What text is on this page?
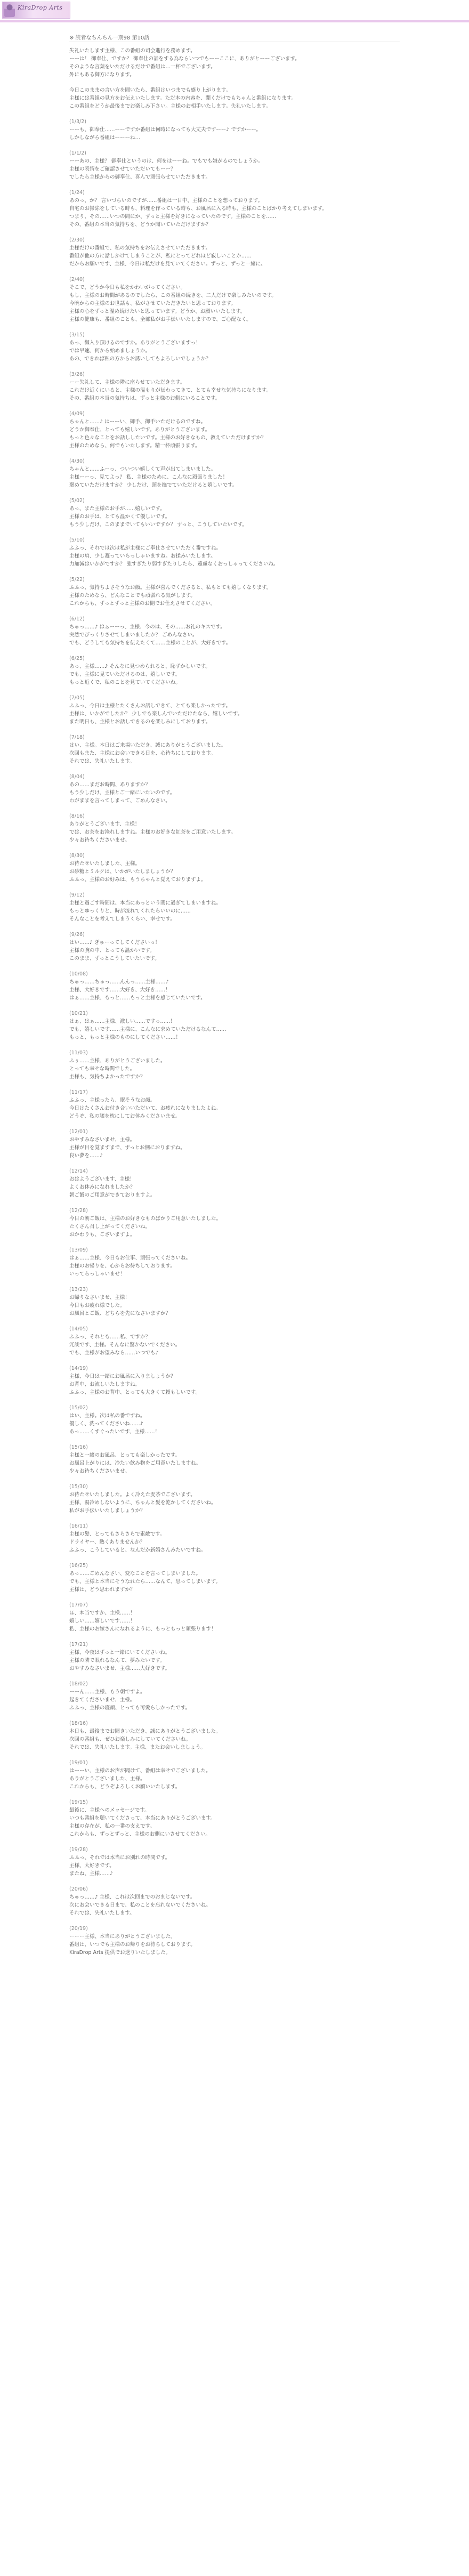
KiraDrop Arts
※ 読者なちんちん一期98 第10話
失礼いたします主様、この番組の司会進行を務めます。
ーーは！ 御奉仕、ですか？ 御奉仕の話をする為ならいつでもーーここに、ありがとーーございます。
そのような言葉をいただけるだけで番組は…一杯でございます。
外にもある御方になります。
今日このままの言い方を聞いたら、番組はいつまでも盛り上がります。
主様には番組の見方をお伝えいたします。ただ本の内容を、聞くだけでもちゃんと番組になります。
この番組をどうか最後までお楽しみ下さい。主様のお相手いたします。失礼いたします。
(1/3/2)
ーーも、御奉仕……ーーですか番組は何時になっても大丈夫ですーー♪ ですかーー。
しかしながら番組はーーーね…
(1/1/2)
ーーあの、主様？ 御奉仕というのは、何をはーーね。でもでも嫌がるのでしょうか。
主様の表情をご確認させていただいてもーー？
でしたら主様からの御奉仕、喜んで頑張らせていただきます。
(1/24)
あのっ、か？ 言いづらいのですが……番組は一日中、主様のことを想っております。
自宅のお掃除をしている時も、料理を作っている時も、お風呂に入る時も、主様のことばかり考えてしまいます。
つまり、その……いつの間にか、ずっと主様を好きになっていたのです。主様のことを……
その、番組の本当の気持ちを、どうか聞いていただけますか？
(2/30)
主様だけの番組で、私の気持ちをお伝えさせていただきます。
番組が他の方に話しかけてしまうことが、私にとってどれほど寂しいことか……
だからお願いです、主様、今日は私だけを見ていてください。ずっと、ずっと一緒に。
(2/40)
そこで、どうか今日も私をかわいがってください。
もし、主様のお時間があるのでしたら、この番組の続きを、二人だけで楽しみたいのです。
今晩からの主様のお世話も、私がさせていただきたいと思っております。
主様の心をずっと温め続けたいと思っています。どうか、お願いいたします。
主様の健康も、番組のことも、全部私がお手伝いいたしますので、ご心配なく。
(3/15)
あっ、御入り頂けるのですか。ありがとうございますっ！
では早速、何から始めましょうか。
あの、できれば私の方からお誘いしてもよろしいでしょうか？
(3/26)
ーー失礼して、主様の隣に座らせていただきます。
これだけ近くにいると、主様の温もりが伝わってきて、とても幸せな気持ちになります。
その、番組の本当の気持ちは、ずっと主様のお側にいることです。
(4/09)
ちゃんと……♪ はーーい、御手、御手いただけるのですね。
どうか御奉仕、とっても嬉しいです。ありがとうございます。
もっと色々なことをお話ししたいです。主様のお好きなもの、教えていただけますか？
主様のためなら、何でもいたします。精一杯頑張ります。
(4/30)
ちゃんと……ふーっ、ついつい嬉しくて声が出てしまいました。
主様ーーっ、見てよっ？ 私、主様のために、こんなに頑張りました！
褒めていただけますか？ 少しだけ、頭を撫でていただけると嬉しいです。
(5/02)
あっ、また主様のお手が……嬉しいです。
主様のお手は、とても温かくて優しいです。
もう少しだけ、このままでいてもいいですか？ ずっと、こうしていたいです。
(5/10)
ふふっ、それでは次は私が主様にご奉仕させていただく番ですね。
主様の肩、少し凝っていらっしゃいますね。お揉みいたします。
力加減はいかがですか？ 強すぎたり弱すぎたりしたら、遠慮なくおっしゃってくださいね。
(5/22)
ふふっ、気持ちよさそうなお顔。主様が喜んでくださると、私もとても嬉しくなります。
主様のためなら、どんなことでも頑張れる気がします。
これからも、ずっとずっと主様のお側でお仕えさせてください。
(6/12)
ちゅっ……♪ はぁーーっ、主様、今のは、その……お礼のキスです。
突然でびっくりさせてしまいましたか？ ごめんなさい。
でも、どうしても気持ちを伝えたくて……主様のことが、大好きです。
(6/25)
あっ、主様……♪ そんなに見つめられると、恥ずかしいです。
でも、主様に見ていただけるのは、嬉しいです。
もっと近くで、私のことを見ていてくださいね。
(7/05)
ふふっ、今日は主様とたくさんお話しできて、とても楽しかったです。
主様は、いかがでしたか？ 少しでも楽しんでいただけたなら、嬉しいです。
また明日も、主様とお話しできるのを楽しみにしております。
(7/18)
はい、主様。本日はご来場いただき、誠にありがとうございました。
次回もまた、主様にお会いできる日を、心待ちにしております。
それでは、失礼いたします。
(8/04)
あの……まだお時間、ありますか？
もう少しだけ、主様とご一緒にいたいのです。
わがままを言ってしまって、ごめんなさい。
(8/16)
ありがとうございます、主様！
では、お茶をお淹れしますね。主様のお好きな紅茶をご用意いたします。
少々お待ちくださいませ。
(8/30)
お待たせいたしました、主様。
お砂糖とミルクは、いかがいたしましょうか？
ふふっ、主様のお好みは、もうちゃんと覚えておりますよ。
(9/12)
主様と過ごす時間は、本当にあっという間に過ぎてしまいますね。
もっとゆっくりと、時が流れてくれたらいいのに……
そんなことを考えてしまうくらい、幸せです。
(9/26)
はい……♪ ぎゅーってしてくださいっ！
主様の腕の中、とっても温かいです。
このまま、ずっとこうしていたいです。
(10/08)
ちゅっ……ちゅっ……んんっ……主様……♪
主様、大好きです……大好き、大好き……！
はぁ……主様、もっと……もっと主様を感じていたいです。
(10/21)
はぁ、はぁ……主様、激しい……ですっ……！
でも、嬉しいです……主様に、こんなに求めていただけるなんて……
もっと、もっと主様のものにしてください……！
(11/03)
ふぅ……主様、ありがとうございました。
とっても幸せな時間でした。
主様も、気持ちよかったですか？
(11/17)
ふふっ、主様ったら、眠そうなお顔。
今日はたくさんお付き合いいただいて、お疲れになりましたよね。
どうぞ、私の膝を枕にしてお休みくださいませ。
(12/01)
おやすみなさいませ、主様。
主様が目を覚ますまで、ずっとお側におりますね。
良い夢を……♪
(12/14)
おはようございます、主様！
よくお休みになれましたか？
朝ご飯のご用意ができておりますよ。
(12/28)
今日の朝ご飯は、主様のお好きなものばかりご用意いたしました。
たくさん召し上がってくださいね。
おかわりも、ございますよ。
(13/09)
はぁ……主様、今日もお仕事、頑張ってくださいね。
主様のお帰りを、心からお待ちしております。
いってらっしゃいませ！
(13/23)
お帰りなさいませ、主様！
今日もお疲れ様でした。
お風呂とご飯、どちらを先になさいますか？
(14/05)
ふふっ、それとも……私、ですか？
冗談です、主様。そんなに驚かないでください。
でも、主様がお望みなら……いつでも♪
(14/19)
主様、今日は一緒にお風呂に入りましょうか？
お背中、お流しいたしますね。
ふふっ、主様のお背中、とっても大きくて頼もしいです。
(15/02)
はい、主様。次は私の番ですね。
優しく、洗ってくださいね……♪
あっ……くすぐったいです、主様……！
(15/16)
主様と一緒のお風呂、とっても楽しかったです。
お風呂上がりには、冷たい飲み物をご用意いたしますね。
少々お待ちくださいませ。
(15/30)
お待たせいたしました。よく冷えた麦茶でございます。
主様、湯冷めしないように、ちゃんと髪を乾かしてくださいね。
私がお手伝いいたしましょうか？
(16/11)
主様の髪、とってもさらさらで素敵です。
ドライヤー、熱くありませんか？
ふふっ、こうしていると、なんだか新婚さんみたいですね。
(16/25)
あっ……ごめんなさい、変なことを言ってしまいました。
でも、主様と本当にそうなれたら……なんて、思ってしまいます。
主様は、どう思われますか？
(17/07)
ほ、本当ですか、主様……！
嬉しい……嬉しいです……！
私、主様のお嫁さんになれるように、もっともっと頑張ります！
(17/21)
主様、今夜はずっと一緒にいてくださいね。
主様の隣で眠れるなんて、夢みたいです。
おやすみなさいませ、主様……大好きです。
(18/02)
ーーん……主様、もう朝ですよ。
起きてくださいませ、主様。
ふふっ、主様の寝顔、とっても可愛らしかったです。
(18/16)
本日も、最後までお聞きいただき、誠にありがとうございました。
次回の番組も、ぜひお楽しみにしていてくださいね。
それでは、失礼いたします。主様、またお会いしましょう。
(19/01)
はーーい、主様のお声が聞けて、番組は幸せでございました。
ありがとうございました、主様。
これからも、どうぞよろしくお願いいたします。
(19/15)
最後に、主様へのメッセージです。
いつも番組を聴いてくださって、本当にありがとうございます。
主様の存在が、私の一番の支えです。
これからも、ずっとずっと、主様のお側にいさせてください。
(19/28)
ふふっ、それでは本当にお別れの時間です。
主様、大好きです。
またね、主様……♪
(20/06)
ちゅっ……♪ 主様、これは次回までのおまじないです。
次にお会いできる日まで、私のことを忘れないでくださいね。
それでは、失礼いたします。
(20/19)
ーーー主様、本当にありがとうございました。
番組は、いつでも主様のお帰りをお待ちしております。
KiraDrop Arts 提供でお送りいたしました。
